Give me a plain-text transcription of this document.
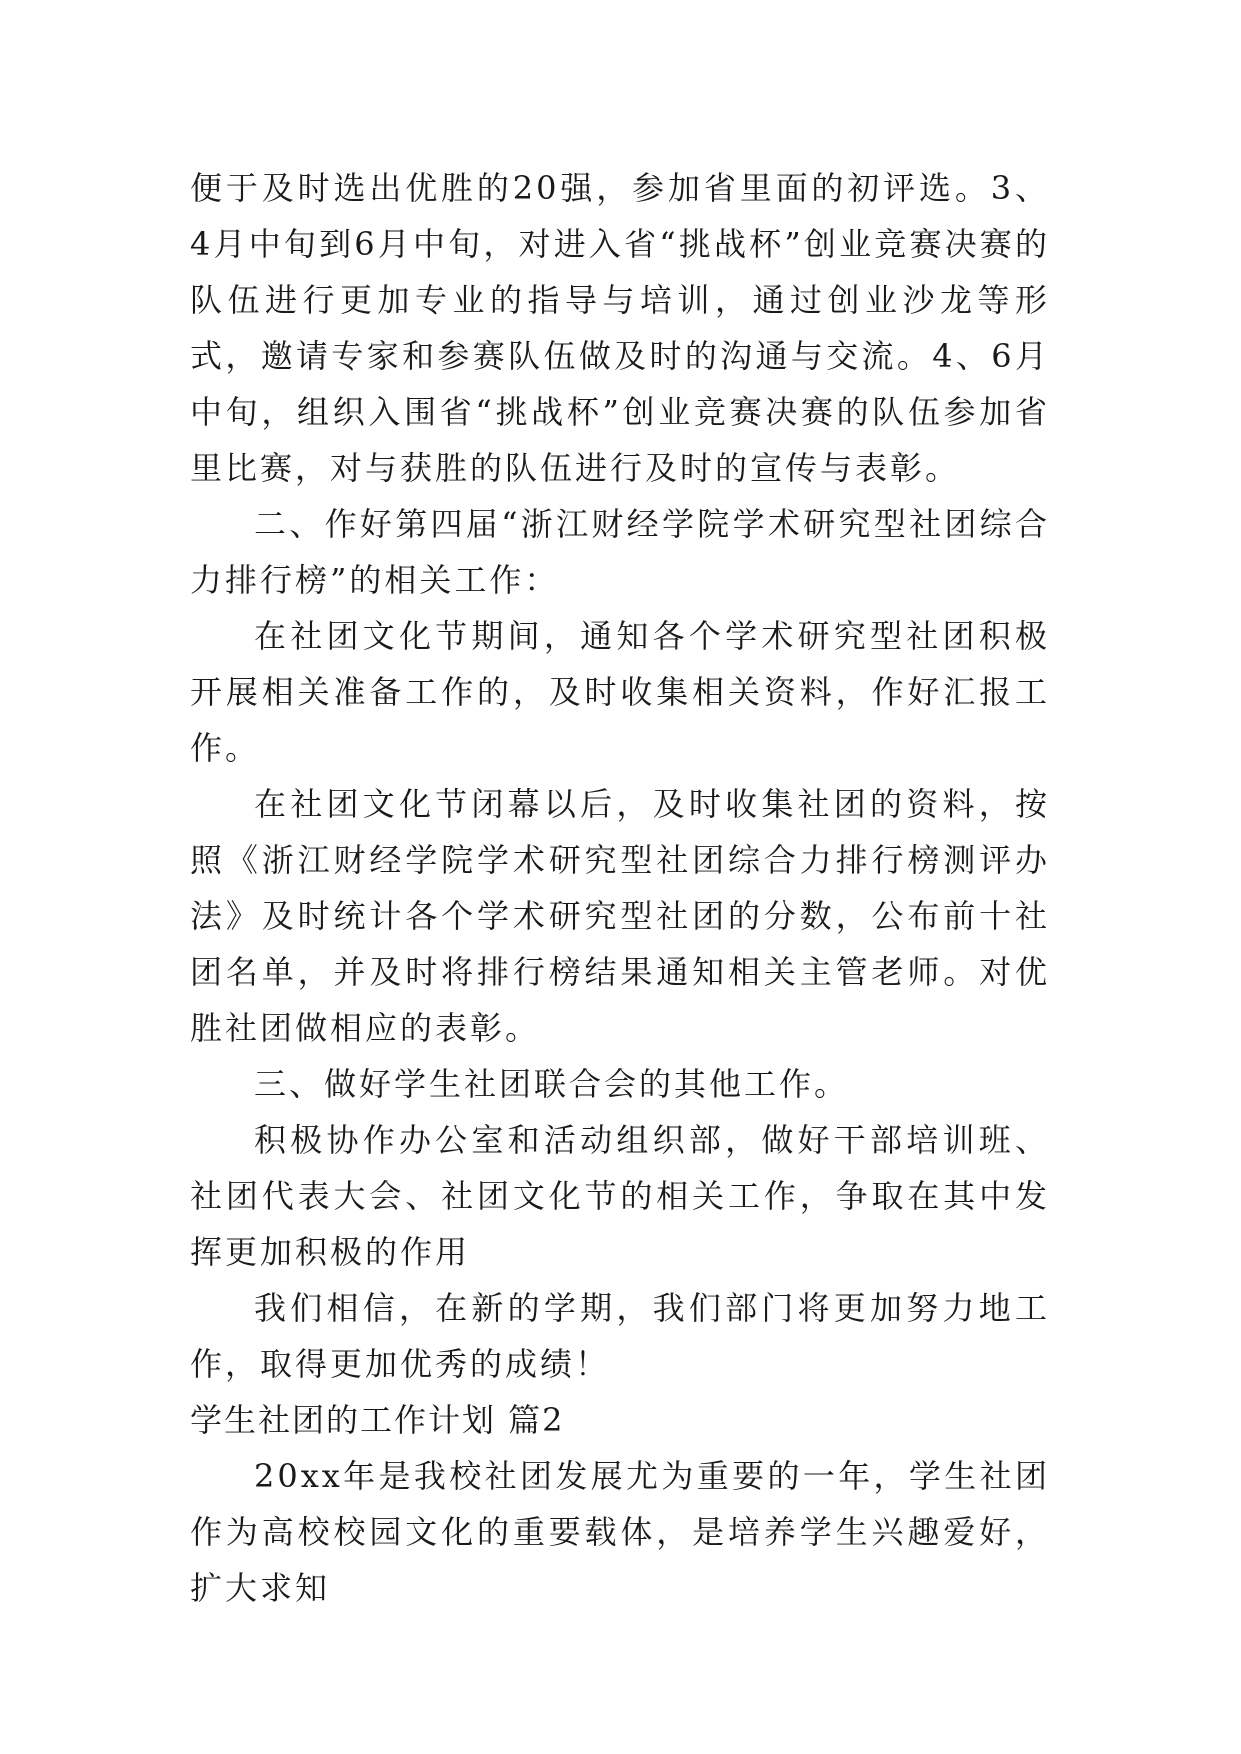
便于及时选出优胜的20强，参加省里面的初评选。3、4月中旬到6月中旬，对进入省“挑战杯”创业竞赛决赛的队伍进行更加专业的指导与培训，通过创业沙龙等形式，邀请专家和参赛队伍做及时的沟通与交流。4、6月中旬，组织入围省“挑战杯”创业竞赛决赛的队伍参加省里比赛，对与获胜的队伍进行及时的宣传与表彰。

二、作好第四届“浙江财经学院学术研究型社团综合力排行榜”的相关工作：

在社团文化节期间，通知各个学术研究型社团积极开展相关准备工作的，及时收集相关资料，作好汇报工作。

在社团文化节闭幕以后，及时收集社团的资料，按照《浙江财经学院学术研究型社团综合力排行榜测评办法》及时统计各个学术研究型社团的分数，公布前十社团名单，并及时将排行榜结果通知相关主管老师。对优胜社团做相应的表彰。

三、做好学生社团联合会的其他工作。

积极协作办公室和活动组织部，做好干部培训班、社团代表大会、社团文化节的相关工作，争取在其中发挥更加积极的作用

我们相信，在新的学期，我们部门将更加努力地工作，取得更加优秀的成绩！

学生社团的工作计划 篇2

20xx年是我校社团发展尤为重要的一年，学生社团作为高校校园文化的重要载体，是培养学生兴趣爱好，扩大求知
